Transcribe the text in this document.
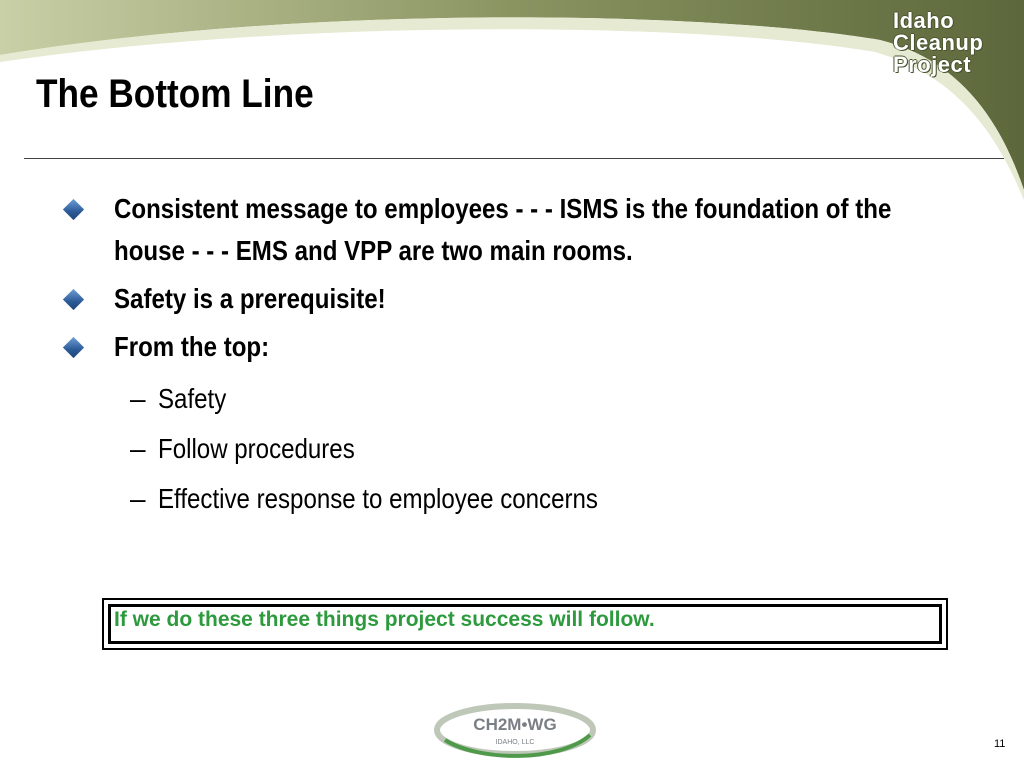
Idaho
Cleanup
Project
The Bottom Line
Consistent message to employees - - - ISMS is the foundation of the house - - - EMS and VPP are two main rooms.
Safety is a prerequisite!
From the top:
– Safety
– Follow procedures
– Effective response to employee concerns
If we do these three things project success will follow.
CH2M•WG
IDAHO, LLC	11
